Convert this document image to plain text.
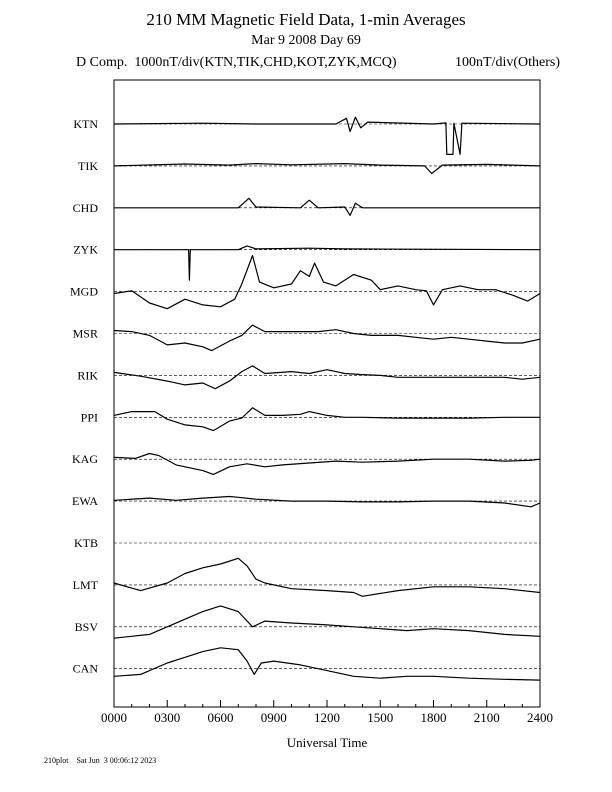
210 MM Magnetic Field Data, 1-min Averages
Mar 9 2008 Day 69
D Comp.  1000nT/div(KTN,TIK,CHD,KOT,ZYK,MCQ)	100nT/div(Others)
0000 0300 0600 0900 1200 1500 1800 2100 2400
Universal Time
KTN
TIK
CHD
ZYK
MGD
MSR
RIK
PPI
KAG
EWA
KTB
LMT
BSV
CAN
210plot    Sat Jun  3 00:06:12 2023
